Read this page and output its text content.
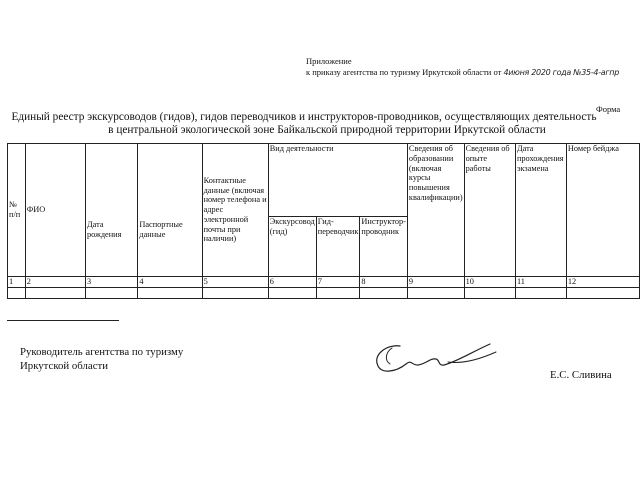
Приложение
к приказу агентства по туризму Иркутской области от 4июня 2020 года №35-4-агпр
Форма
Единый реестр экскурсоводов (гидов), гидов переводчиков и инструкторов-проводников, осуществляющих деятельность
в центральной экологической зоне Байкальской природной территории Иркутской области
№ п/п	ФИО	Дата рождения	Паспортные данные	Контактные данные (включая номер телефона и адрес электронной почты при наличии)	Вид деятельности			Сведения об образовании (включая курсы повышения квалификации)	Сведения об опыте работы	Дата прохождения экзамена	Номер бейджа
					Экскурсовод (гид)	Гид-переводчик	Инструктор-проводник				
1	2	3	4	5	6	7	8	9	10	11	12

Руководитель агентства по туризму
Иркутской области
Е.С. Сливина
